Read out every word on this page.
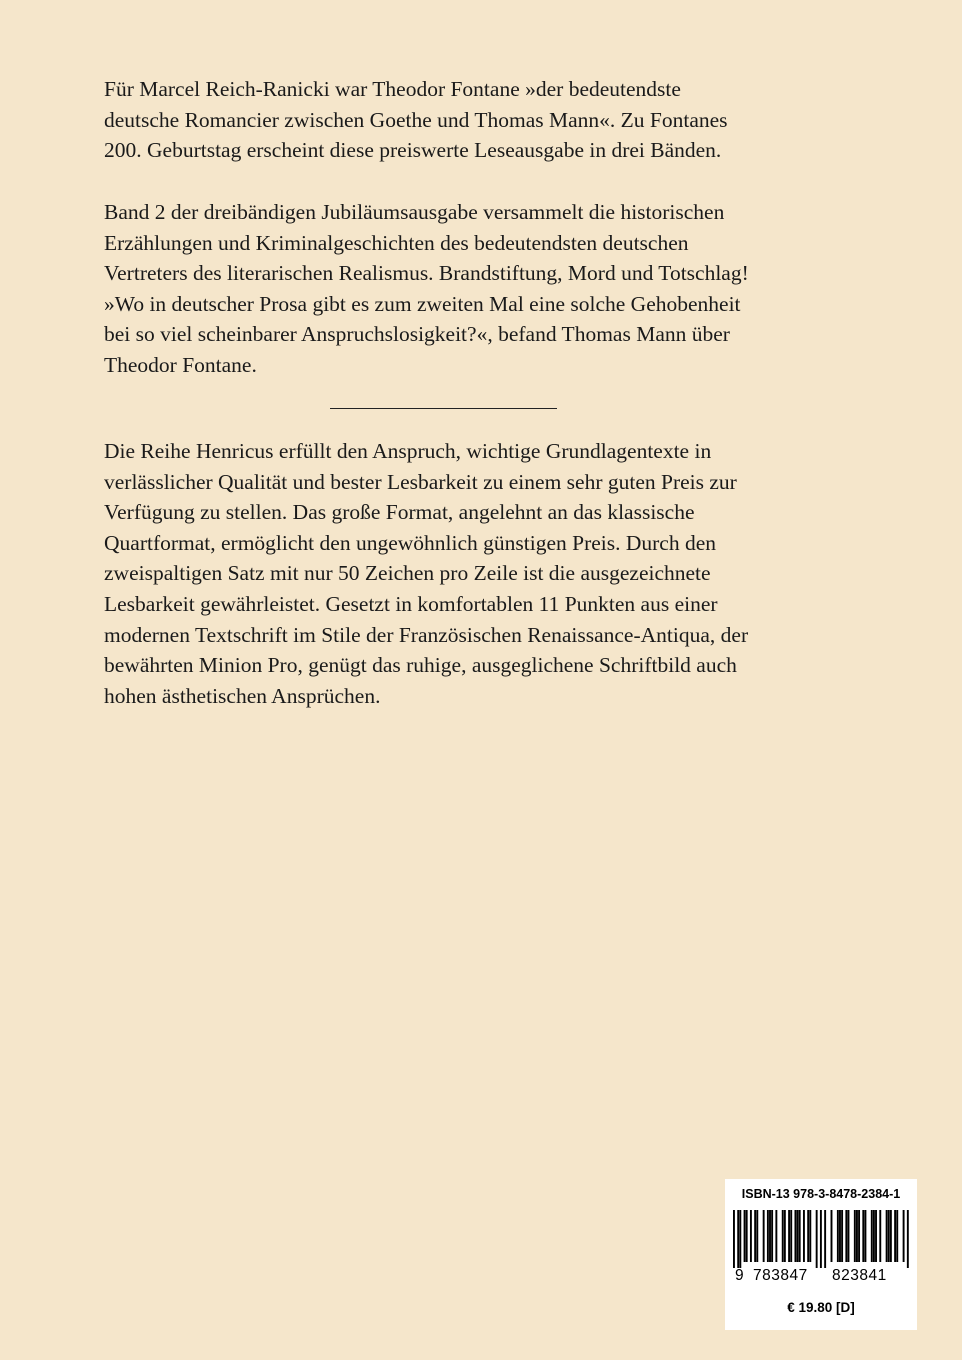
Für Marcel Reich-Ranicki war Theodor Fontane »der bedeutendste
deutsche Romancier zwischen Goethe und Thomas Mann«. Zu Fontanes
200. Geburtstag erscheint diese preiswerte Leseausgabe in drei Bänden.
Band 2 der dreibändigen Jubiläumsausgabe versammelt die historischen
Erzählungen und Kriminalgeschichten des bedeutendsten deutschen
Vertreters des literarischen Realismus. Brandstiftung, Mord und Totschlag!
»Wo in deutscher Prosa gibt es zum zweiten Mal eine solche Gehobenheit
bei so viel scheinbarer Anspruchslosigkeit?«, befand Thomas Mann über
Theodor Fontane.
Die Reihe Henricus erfüllt den Anspruch, wichtige Grundlagentexte in
verlässlicher Qualität und bester Lesbarkeit zu einem sehr guten Preis zur
Verfügung zu stellen. Das große Format, angelehnt an das klassische
Quartformat, ermöglicht den ungewöhnlich günstigen Preis. Durch den
zweispaltigen Satz mit nur 50 Zeichen pro Zeile ist die ausgezeichnete
Lesbarkeit gewährleistet. Gesetzt in komfortablen 11 Punkten aus einer
modernen Textschrift im Stile der Französischen Renaissance-Antiqua, der
bewährten Minion Pro, genügt das ruhige, ausgeglichene Schriftbild auch
hohen ästhetischen Ansprüchen.
ISBN-13 978-3-8478-2384-1
9 783847 823841
€ 19.80 [D]
